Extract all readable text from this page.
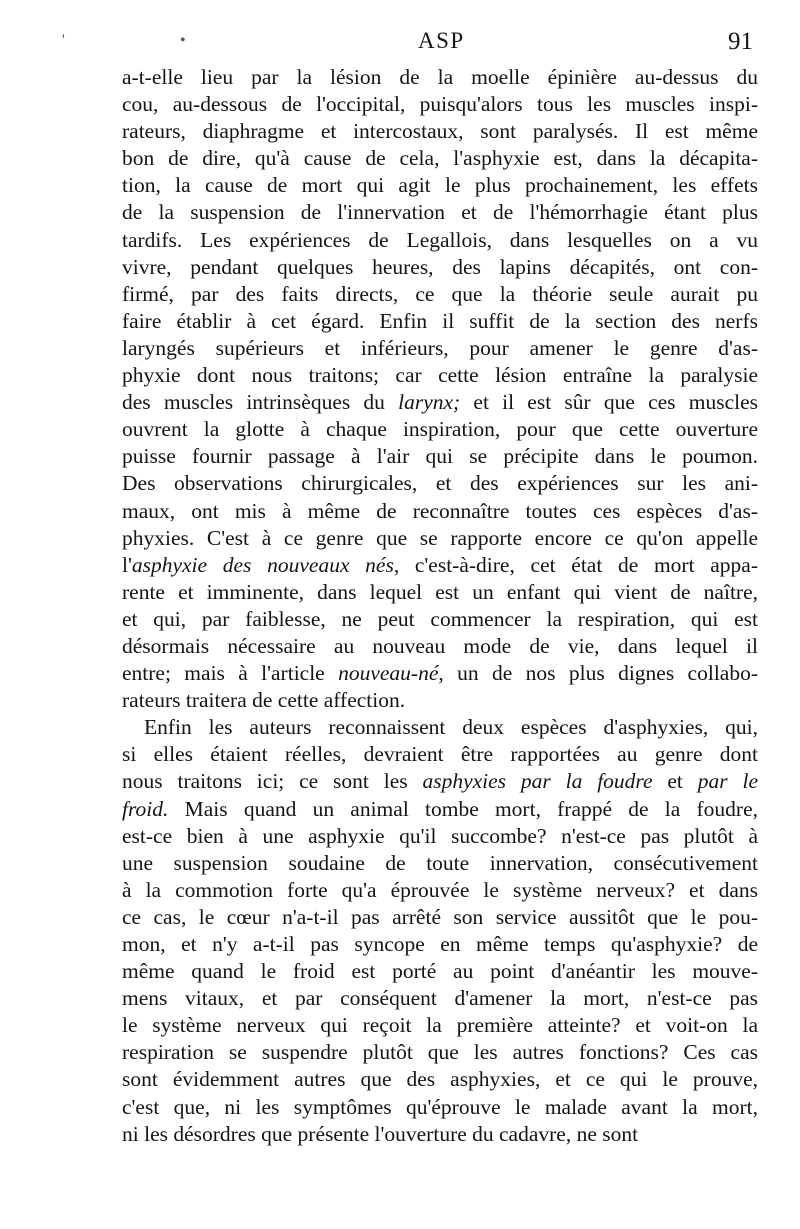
'	•	ASP	91
a-t-elle lieu par la lésion de la moelle épinière au-dessus du
cou, au-dessous de l'occipital, puisqu'alors tous les muscles inspi-
rateurs, diaphragme et intercostaux, sont paralysés. Il est même
bon de dire, qu'à cause de cela, l'asphyxie est, dans la décapita-
tion, la cause de mort qui agit le plus prochainement, les effets
de la suspension de l'innervation et de l'hémorrhagie étant plus
tardifs. Les expériences de Legallois, dans lesquelles on a vu
vivre, pendant quelques heures, des lapins décapités, ont con-
firmé, par des faits directs, ce que la théorie seule aurait pu
faire établir à cet égard. Enfin il suffit de la section des nerfs
laryngés supérieurs et inférieurs, pour amener le genre d'as-
phyxie dont nous traitons; car cette lésion entraîne la paralysie
des muscles intrinsèques du larynx; et il est sûr que ces muscles
ouvrent la glotte à chaque inspiration, pour que cette ouverture
puisse fournir passage à l'air qui se précipite dans le poumon.
Des observations chirurgicales, et des expériences sur les ani-
maux, ont mis à même de reconnaître toutes ces espèces d'as-
phyxies. C'est à ce genre que se rapporte encore ce qu'on appelle
l'asphyxie des nouveaux nés, c'est-à-dire, cet état de mort appa-
rente et imminente, dans lequel est un enfant qui vient de naître,
et qui, par faiblesse, ne peut commencer la respiration, qui est
désormais nécessaire au nouveau mode de vie, dans lequel il
entre; mais à l'article nouveau-né, un de nos plus dignes collabo-
rateurs traitera de cette affection.
Enfin les auteurs reconnaissent deux espèces d'asphyxies, qui,
si elles étaient réelles, devraient être rapportées au genre dont
nous traitons ici; ce sont les asphyxies par la foudre et par le
froid. Mais quand un animal tombe mort, frappé de la foudre,
est-ce bien à une asphyxie qu'il succombe? n'est-ce pas plutôt à
une suspension soudaine de toute innervation, consécutivement
à la commotion forte qu'a éprouvée le système nerveux? et dans
ce cas, le cœur n'a-t-il pas arrêté son service aussitôt que le pou-
mon, et n'y a-t-il pas syncope en même temps qu'asphyxie? de
même quand le froid est porté au point d'anéantir les mouve-
mens vitaux, et par conséquent d'amener la mort, n'est-ce pas
le système nerveux qui reçoit la première atteinte? et voit-on la
respiration se suspendre plutôt que les autres fonctions? Ces cas
sont évidemment autres que des asphyxies, et ce qui le prouve,
c'est que, ni les symptômes qu'éprouve le malade avant la mort,
ni les désordres que présente l'ouverture du cadavre, ne sont
